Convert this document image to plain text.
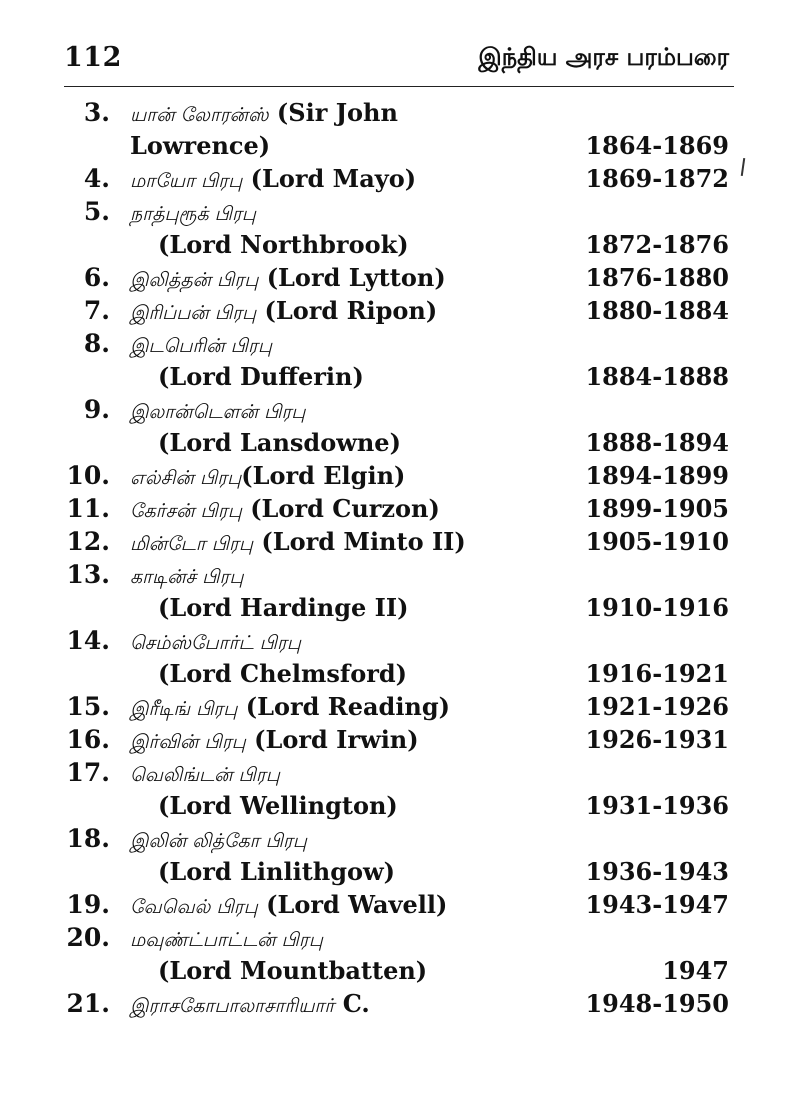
112	இந்திய அரச பரம்பரை
3. யான் லோரன்ஸ் (Sir John
Lowrence)	1864-1869
4. மாயோ பிரபு (Lord Mayo)	1869-1872
5. நாத்புரூக் பிரபு
(Lord Northbrook)	1872-1876
6. இலித்தன் பிரபு (Lord Lytton)	1876-1880
7. இரிப்பன் பிரபு (Lord Ripon)	1880-1884
8. இடபெரின் பிரபு
(Lord Dufferin)	1884-1888
9. இலான்டௌன் பிரபு
(Lord Lansdowne)	1888-1894
10. எல்சின் பிரபு(Lord Elgin)	1894-1899
11. கேர்சன் பிரபு (Lord Curzon)	1899-1905
12. மின்டோ பிரபு (Lord Minto II)	1905-1910
13. காடின்ச் பிரபு
(Lord Hardinge II)	1910-1916
14. செம்ஸ்போர்ட் பிரபு
(Lord Chelmsford)	1916-1921
15. இரீடிங் பிரபு (Lord Reading)	1921-1926
16. இர்வின் பிரபு (Lord Irwin)	1926-1931
17. வெலிங்டன் பிரபு
(Lord Wellington)	1931-1936
18. இலின் லித்கோ பிரபு
(Lord Linlithgow)	1936-1943
19. வேவெல் பிரபு (Lord Wavell)	1943-1947
20. மவுண்ட்பாட்டன் பிரபு
(Lord Mountbatten)	1947
21. இராசகோபாலாசாரியார் C.	1948-1950
